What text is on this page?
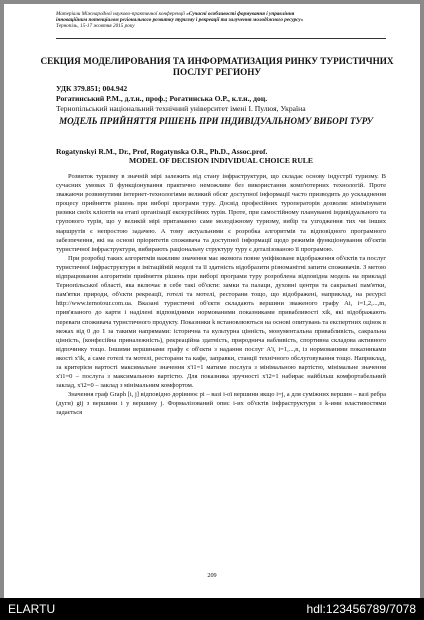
Матеріали Міжнародної науково-практичної конференції «Сучасні особливості формування і управління
інноваційним потенціалом регіонального розвитку туризму і рекреації та залучення молодіжного ресурсу»
Тернопіль, 15-17 жовтня 2015 року
СЕКЦИЯ МОДЕЛИРОВАНИЯ ТА ИНФОРМАТИЗАЦИЯ РИНКУ ТУРИСТИЧНИХ ПОСЛУГ РЕГИОНУ
УДК 379.851; 004.942
Рогатинський Р.М., д.т.н., проф.; Рогатинська О.Р., к.т.н., доц.
Тернопільський національний технічний університет імені І. Пулюя, Україна
МОДЕЛЬ ПРИЙНЯТТЯ РІШЕНЬ ПРИ ІНДИВІДУАЛЬНОМУ ВИБОРІ ТУРУ
Rogatynskyi R.M., Dr., Prof, Rogatynska O.R., Ph.D., Assoc.prof.
MODEL OF DECISION INDIVIDUAL CHOICE RULE

Розвиток туризму в значній мірі залежить від стану інфраструктури, що складає основу індустрії туризму. В сучасних умовах її функціонування практично неможливе без використання комп'ютерних технологій. Проте зважаючи розвинутими інтернет-технологіями великий обсяг доступної інформації часто призводить до ускладнення процесу прийняття рішень при виборі програми туру. Досвід професійних туроператорів дозволяє мінімізувати ризики своїх клієнтів на етапі організації екскурсійних турів. Проте, при самостійному плануванні індивідуального та групового турів, що у великій мірі притаманно саме молодіжному туризму, вибір та узгодження тих чи інших маршрутів є непростою задачею. А тому актуальними є розробка алгоритмів та відповідного програмного забезпечення, які на основі пріоритетів споживача та доступної інформації щодо режимів функціонування об'єктів туристичної інфраструктури, вибирають раціональну структуру туру є деталізованою її програмою.

При розробці таких алгоритмів важливе значення має якомога повне уніфіковане відображення об'єктів та послуг туристичної інфраструктури в імітаційній моделі та її здатність відобразити різноманітні запити споживачів. З метою відпрацювання алгоритмів прийняття рішень при виборі програми туру розроблена відповідна модель на прикладі Тернопільської області, яка включає в себе такі об'єкти: замки та палаци, духовні центри та сакральні пам'ятки, пам'ятки природи, об'єкти рекреації, готелі та мотелі, ресторани тощо, що відображені, наприклад, на ресурсі http://www.ternotour.com.ua. Вказані туристичні об'єкти складають вершини зваженого графу Ai, i=1,2,...,m, прив'язаного до карти і наділені відповідними нормованими показниками привабливості xik, які відображають переваги споживача туристичного продукту. Показники k встановлюються на основі опитувань та експертних оцінок в межах від 0 до 1 за такими напрямами: історична та культурна цінність, монументальна привабливість, сакральна цінність, (конфесійна приналежність), рекреаційна здатність, природнича вабливість, спортивна складова активного відпочинку тощо. Іншими вершинами графу є об'єкти з надання послуг A'i, i=1,...,n, із нормованими показниками якості x'ik, а саме готелі та мотелі, ресторани та кафе, заправки, станції технічного обслуговування тощо. Наприклад, за критерієм вартості максимальне значення x'i1=1 матиме послуга з мінімальною вартістю, мінімальне значення x'i1=0 – послуга з максимальною вартістю. Для показника зручності x'i2=1 набирає найбільш комфортабельний заклад, x'i2=0 – заклад з мінімальним комфортом.

Значення граф Graph [i, j] відповідно дорівнює pi – вазі i-ої вершини якщо i=j, а для суміжних вершин – вазі ребра (дуги) gij з вершини i у вершину j. Формалізований опис i-их об'єктів інфраструктури з k-ими властивостями задається

209
ELARTU	hdl:123456789/7078
